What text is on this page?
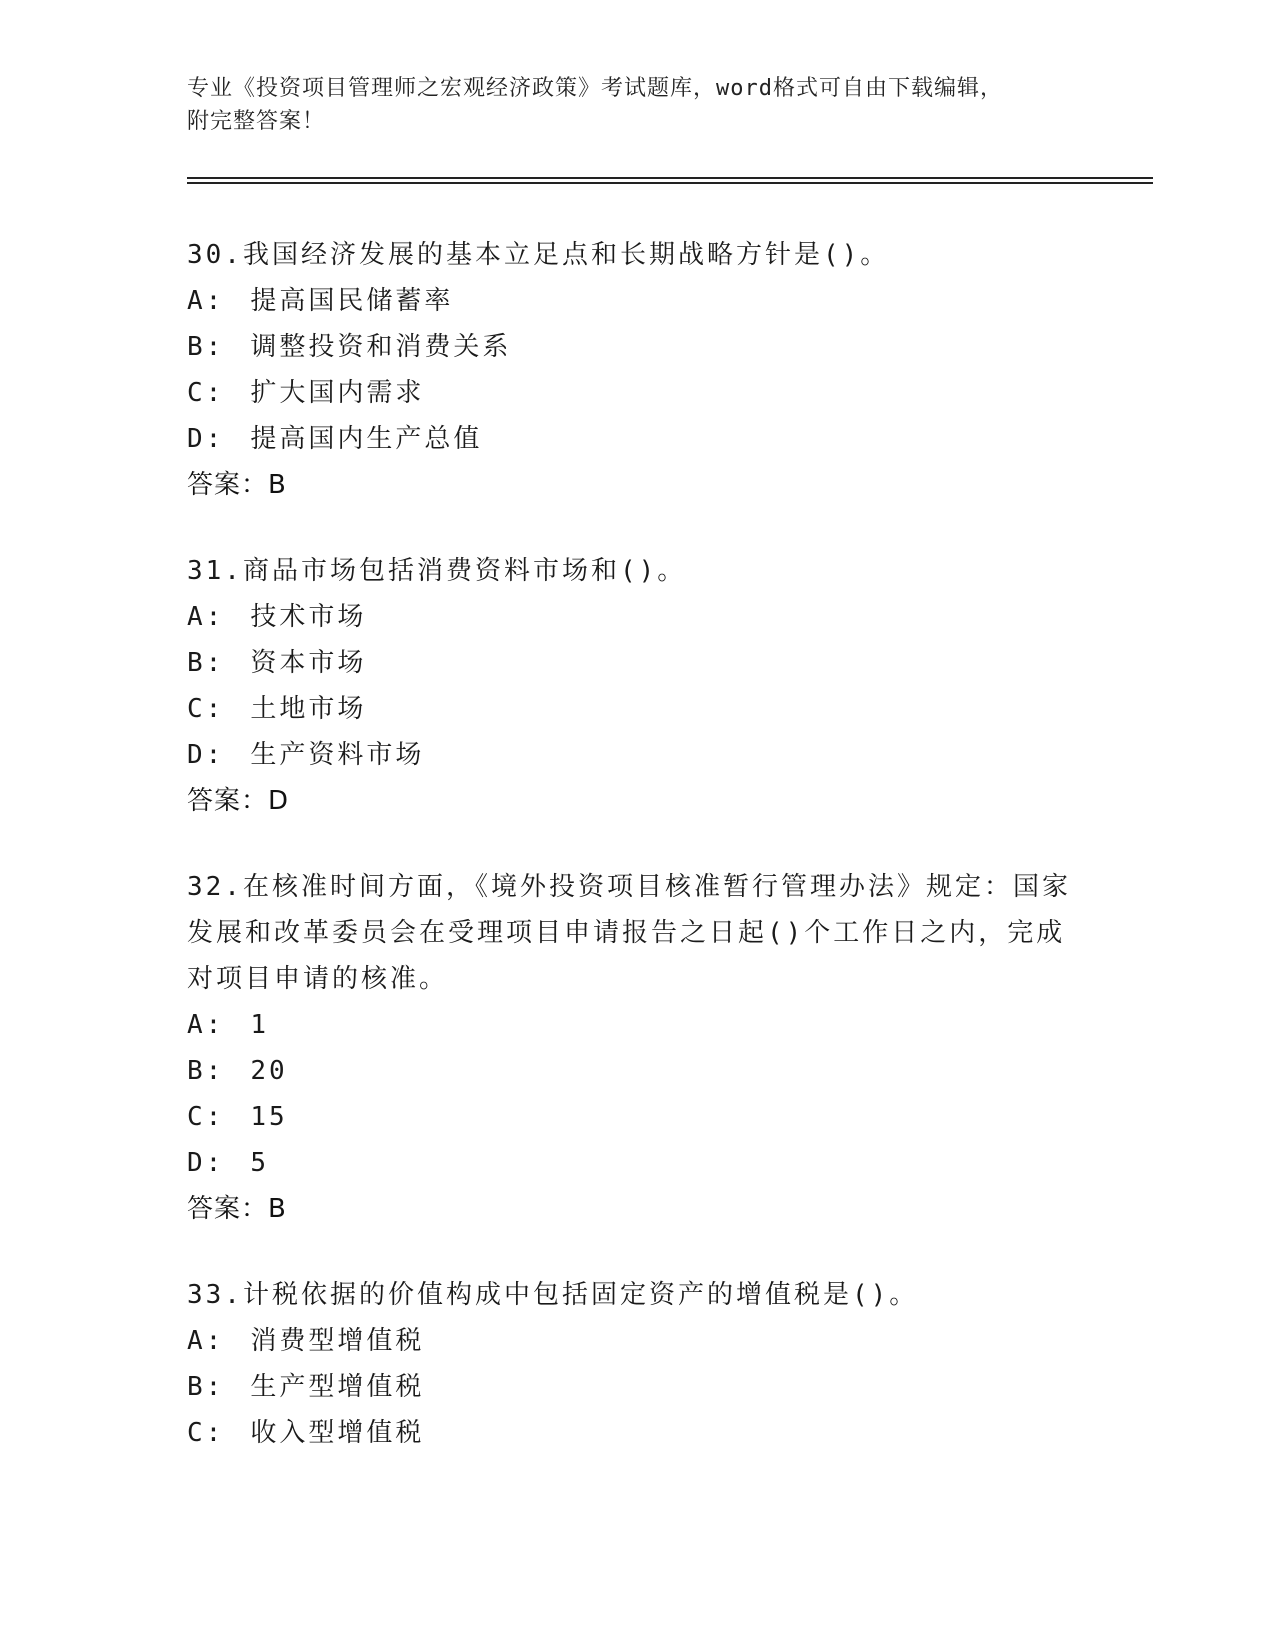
专业《投资项目管理师之宏观经济政策》考试题库，word格式可自由下载编辑，
附完整答案！
30.我国经济发展的基本立足点和长期战略方针是()。
A: 提高国民储蓄率
B: 调整投资和消费关系
C: 扩大国内需求
D: 提高国内生产总值
答案：B
31.商品市场包括消费资料市场和()。
A: 技术市场
B: 资本市场
C: 土地市场
D: 生产资料市场
答案：D
32.在核准时间方面，《境外投资项目核准暂行管理办法》规定：国家
发展和改革委员会在受理项目申请报告之日起()个工作日之内，完成
对项目申请的核准。
A: 1
B: 20
C: 15
D: 5
答案：B
33.计税依据的价值构成中包括固定资产的增值税是()。
A: 消费型增值税
B: 生产型增值税
C: 收入型增值税
